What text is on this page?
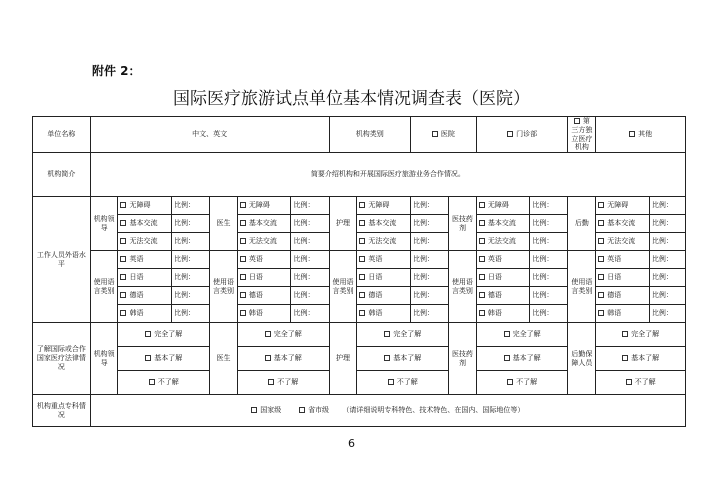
附件 2：
国际医疗旅游试点单位基本情况调查表（医院）
单位名称	中文、英文						机构类别		医院		门诊部		第三方独立医疗机构	其他	
机构简介	简要介绍机构和开展国际医疗旅游业务合作情况。														
工作人员外语水平	机构领导	无障碍	比例：	医生	无障碍	比例：	护理	无障碍	比例：	医技药剂	无障碍	比例：	后勤	无障碍	比例：
		基本交流	比例：		基本交流	比例：		基本交流	比例：		基本交流	比例：		基本交流	比例：
		无法交流	比例：		无法交流	比例：		无法交流	比例：		无法交流	比例：		无法交流	比例：
	使用语言类别	英语	比例：	使用语言类别	英语	比例：	使用语言类别	英语	比例：	使用语言类别	英语	比例：	使用语言类别	英语	比例：
		日语	比例：		日语	比例：		日语	比例：		日语	比例：		日语	比例：
		德语	比例：		德语	比例：		德语	比例：		德语	比例：		德语	比例：
		韩语	比例：		韩语	比例：		韩语	比例：		韩语	比例：		韩语	比例：
了解国际或合作国家医疗法律情况	机构领导	完全了解		医生	完全了解		护理	完全了解		医技药剂	完全了解		后勤保障人员	完全了解	
		基本了解			基本了解			基本了解			基本了解			基本了解	
		不了解			不了解			不了解			不了解			不了解	
机构重点专科情况	国家级 省市级 （请详细说明专科特色、技术特色、在国内、国际地位等）														
6
